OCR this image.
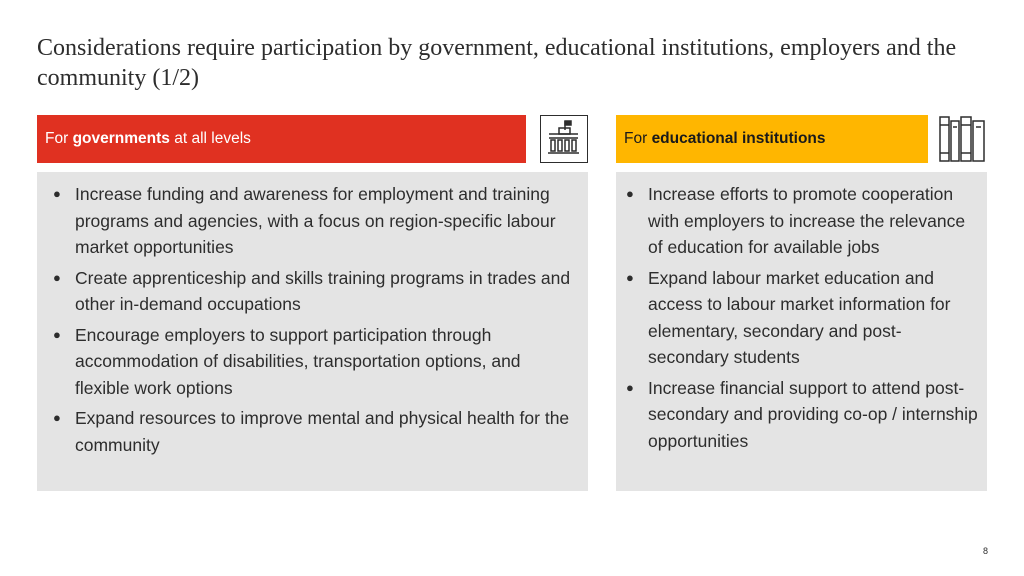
Considerations require participation by government, educational institutions, employers and the community (1/2)
For governments at all levels
● Increase funding and awareness for employment and training programs and agencies, with a focus on region-specific labour market opportunities
● Create apprenticeship and skills training programs in trades and other in-demand occupations
● Encourage employers to support participation through accommodation of disabilities, transportation options, and flexible work options
● Expand resources to improve mental and physical health for the community
For educational institutions
● Increase efforts to promote cooperation with employers to increase the relevance of education for available jobs
● Expand labour market education and access to labour market information for elementary, secondary and post-secondary students
● Increase financial support to attend post-secondary and providing co-op / internship opportunities
8
